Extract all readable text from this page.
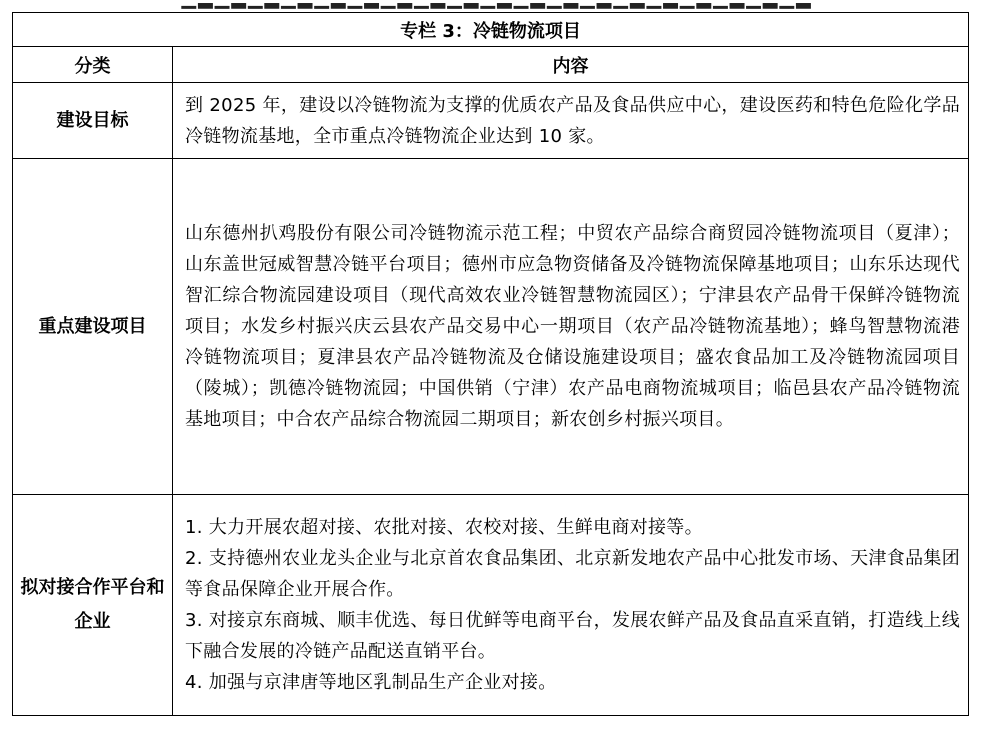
专栏 3：冷链物流项目	
分类	内容
建设目标	到 2025 年，建设以冷链物流为支撑的优质农产品及食品供应中心，建设医药和特色危险化学品冷链物流基地，全市重点冷链物流企业达到 10 家。
重点建设项目	山东德州扒鸡股份有限公司冷链物流示范工程；中贸农产品综合商贸园冷链物流项目（夏津）；山东盖世冠威智慧冷链平台项目；德州市应急物资储备及冷链物流保障基地项目；山东乐达现代智汇综合物流园建设项目（现代高效农业冷链智慧物流园区）；宁津县农产品骨干保鲜冷链物流项目；水发乡村振兴庆云县农产品交易中心一期项目（农产品冷链物流基地）；蜂鸟智慧物流港冷链物流项目；夏津县农产品冷链物流及仓储设施建设项目；盛农食品加工及冷链物流园项目（陵城）；凯德冷链物流园；中国供销（宁津）农产品电商物流城项目；临邑县农产品冷链物流基地项目；中合农产品综合物流园二期项目；新农创乡村振兴项目。
拟对接合作平台和企业	1. 大力开展农超对接、农批对接、农校对接、生鲜电商对接等。

2. 支持德州农业龙头企业与北京首农食品集团、北京新发地农产品中心批发市场、天津食品集团等食品保障企业开展合作。

3. 对接京东商城、顺丰优选、每日优鲜等电商平台，发展农鲜产品及食品直采直销，打造线上线下融合发展的冷链产品配送直销平台。

4. 加强与京津唐等地区乳制品生产企业对接。
